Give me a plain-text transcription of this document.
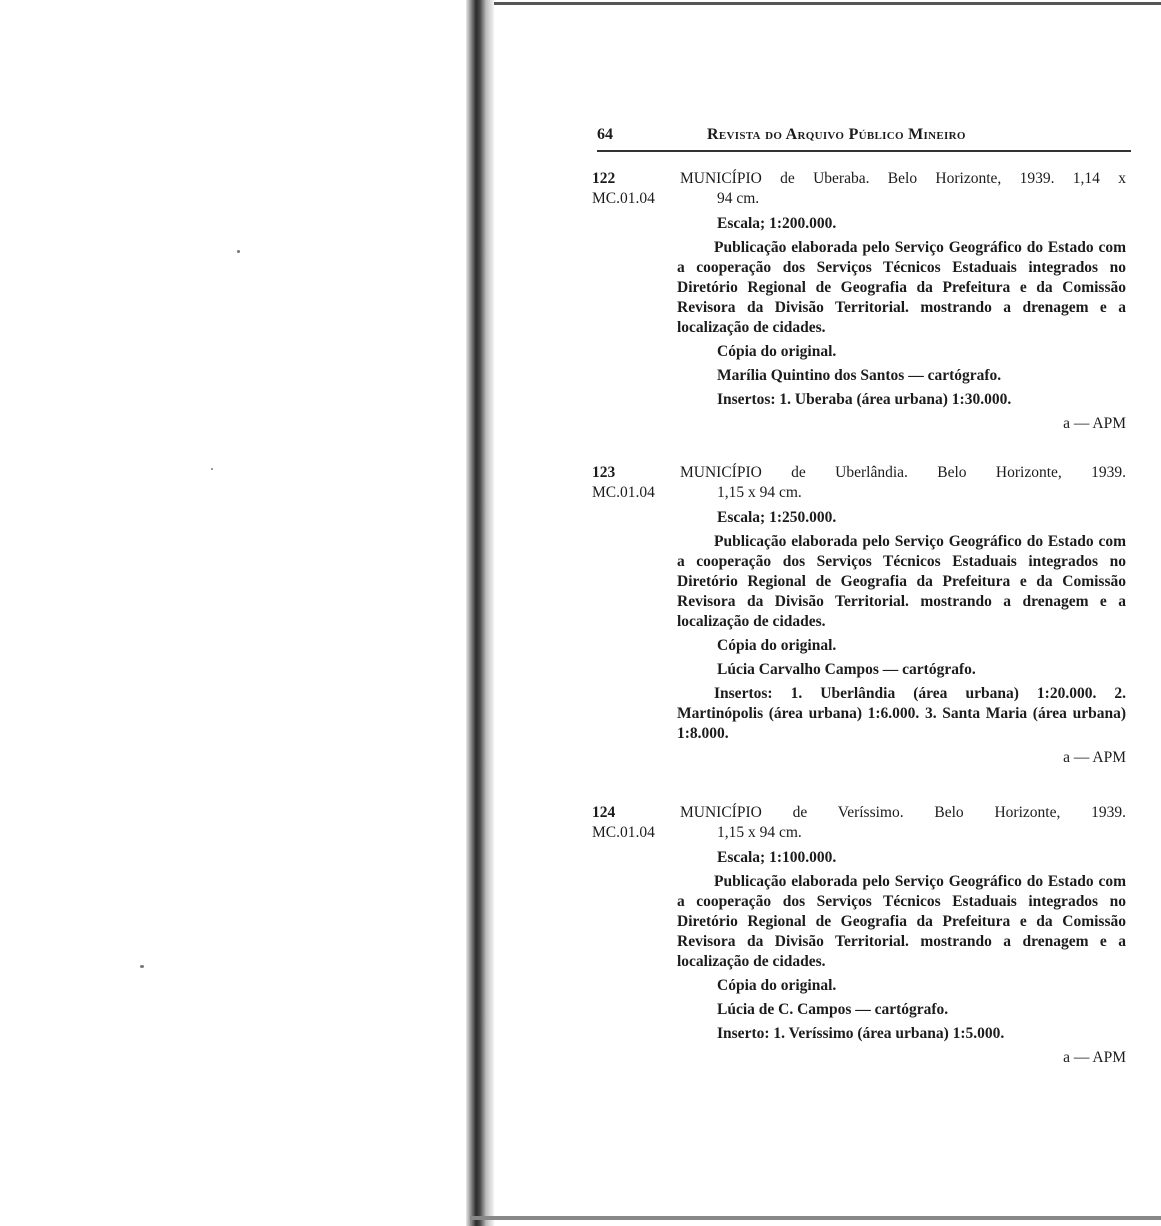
64	Revista do Arquivo Público Mineiro
122
MC.01.04
MUNICÍPIO de Uberaba. Belo Horizonte, 1939. 1,14 x
94 cm.
Escala; 1:200.000.
Publicação elaborada pelo Serviço Geográfico do Estado com a cooperação dos Serviços Técnicos Estaduais integrados no Diretório Regional de Geografia da Prefeitura e da Comissão Revisora da Divisão Territorial. mostrando a drenagem e a localização de cidades.
Cópia do original.
Marília Quintino dos Santos — cartógrafo.
Insertos: 1. Uberaba (área urbana) 1:30.000.
a — APM
123
MC.01.04
MUNICÍPIO de Uberlândia. Belo Horizonte, 1939.
1,15 x 94 cm.
Escala; 1:250.000.
Publicação elaborada pelo Serviço Geográfico do Estado com a cooperação dos Serviços Técnicos Estaduais integrados no Diretório Regional de Geografia da Prefeitura e da Comissão Revisora da Divisão Territorial. mostrando a drenagem e a localização de cidades.
Cópia do original.
Lúcia Carvalho Campos — cartógrafo.
Insertos: 1. Uberlândia (área urbana) 1:20.000. 2. Martinópolis (área urbana) 1:6.000. 3. Santa Maria (área urbana) 1:8.000.
a — APM
124
MC.01.04
MUNICÍPIO de Veríssimo. Belo Horizonte, 1939.
1,15 x 94 cm.
Escala; 1:100.000.
Publicação elaborada pelo Serviço Geográfico do Estado com a cooperação dos Serviços Técnicos Estaduais integrados no Diretório Regional de Geografia da Prefeitura e da Comissão Revisora da Divisão Territorial. mostrando a drenagem e a localização de cidades.
Cópia do original.
Lúcia de C. Campos — cartógrafo.
Inserto: 1. Veríssimo (área urbana) 1:5.000.
a — APM
